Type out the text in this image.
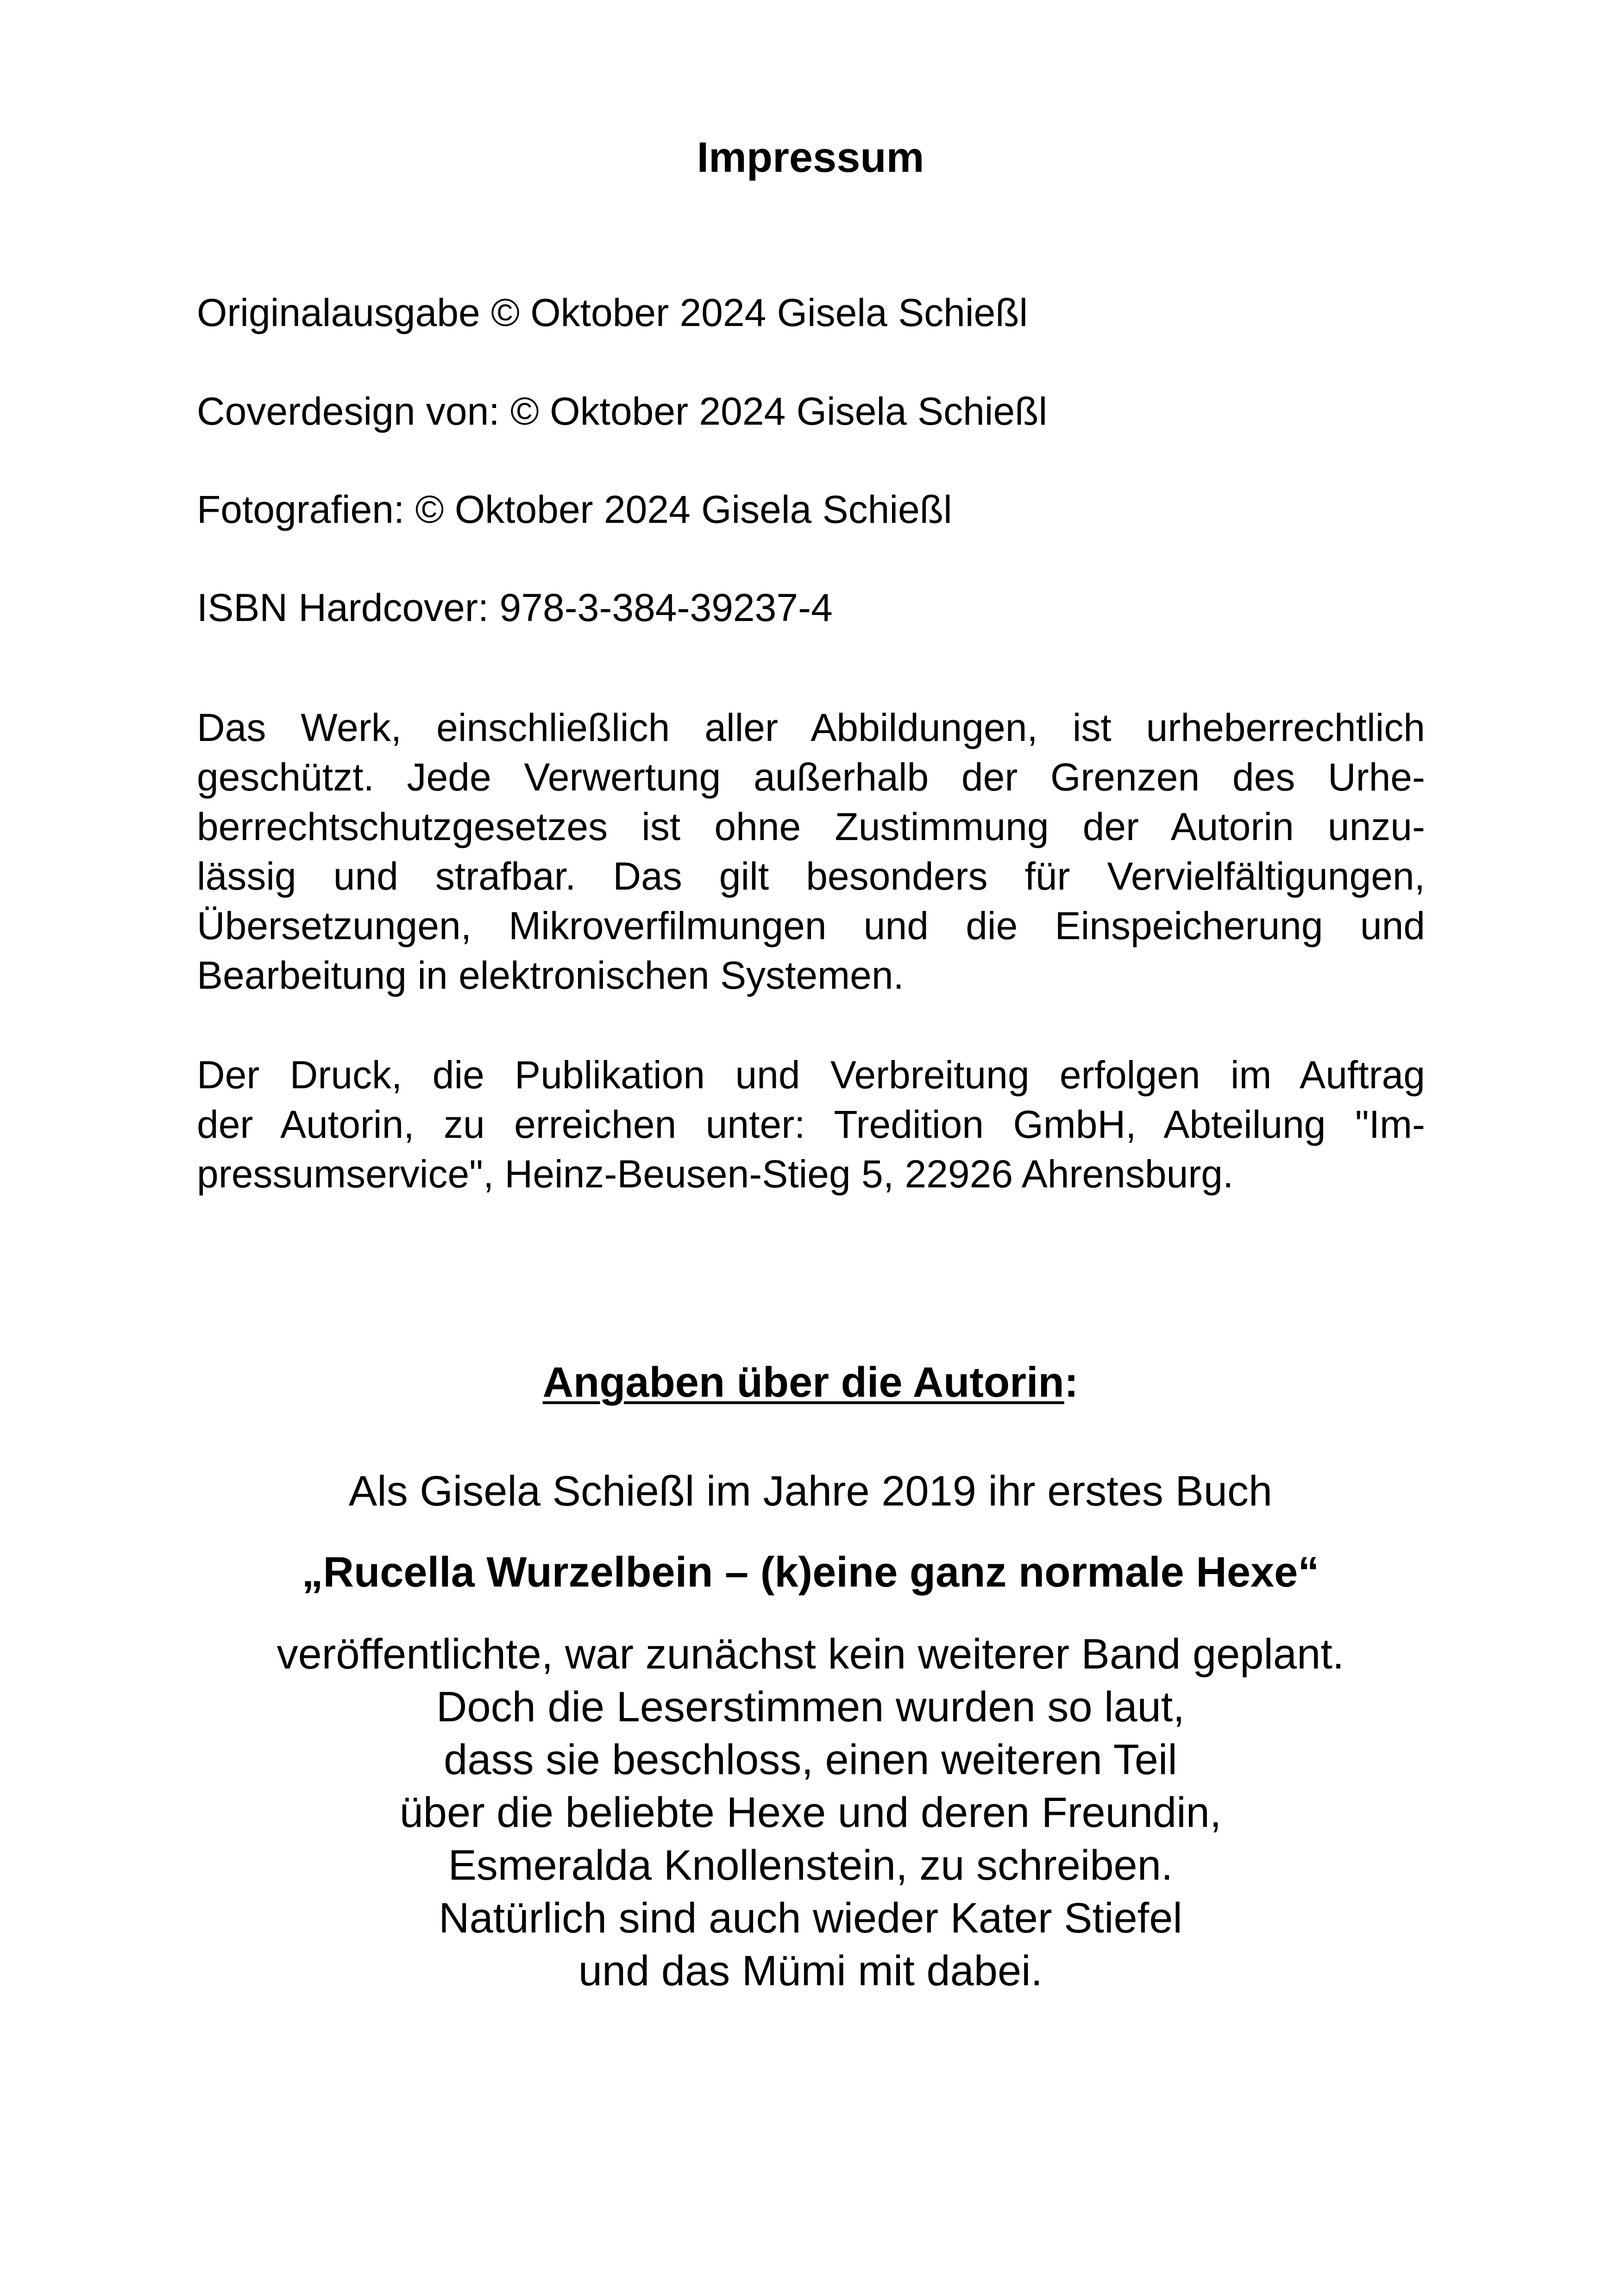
Impressum
Originalausgabe © Oktober 2024 Gisela Schießl
Coverdesign von: © Oktober 2024 Gisela Schießl
Fotografien: © Oktober 2024 Gisela Schießl
ISBN Hardcover: 978-3-384-39237-4
Das Werk, einschließlich aller Abbildungen, ist urheberrechtlich
geschützt. Jede Verwertung außerhalb der Grenzen des Urhe-
berrechtschutzgesetzes ist ohne Zustimmung der Autorin unzu-
lässig und strafbar. Das gilt besonders für Vervielfältigungen,
Übersetzungen, Mikroverfilmungen und die Einspeicherung und
Bearbeitung in elektronischen Systemen.
Der Druck, die Publikation und Verbreitung erfolgen im Auftrag
der Autorin, zu erreichen unter: Tredition GmbH, Abteilung "Im-
pressumservice", Heinz-Beusen-Stieg 5, 22926 Ahrensburg.
Angaben über die Autorin:
Als Gisela Schießl im Jahre 2019 ihr erstes Buch
„Rucella Wurzelbein – (k)eine ganz normale Hexe“
veröffentlichte, war zunächst kein weiterer Band geplant.
Doch die Leserstimmen wurden so laut,
dass sie beschloss, einen weiteren Teil
über die beliebte Hexe und deren Freundin,
Esmeralda Knollenstein, zu schreiben.
Natürlich sind auch wieder Kater Stiefel
und das Mümi mit dabei.
